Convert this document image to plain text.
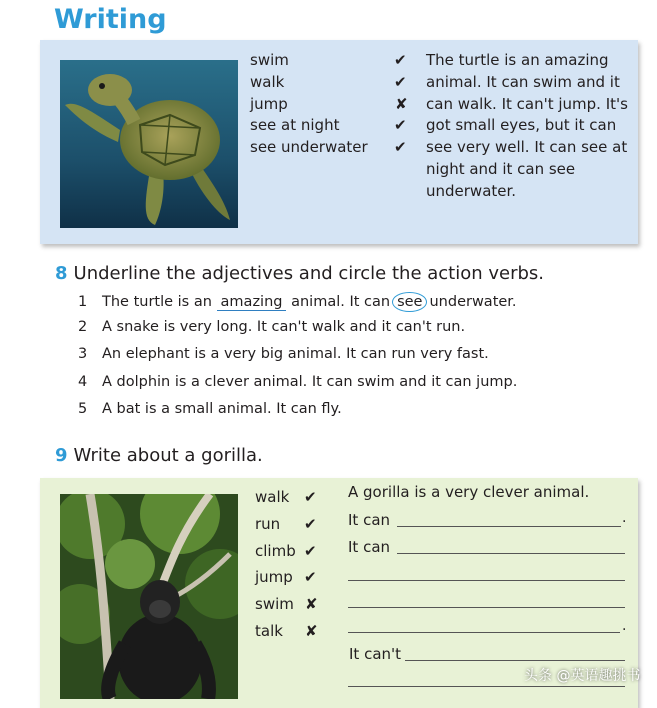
Writing
swim	✔
walk	✔
jump	✘
see at night	✔
see underwater ✔
The turtle is an amazing
animal. It can swim and it
can walk. It can't jump. It's
got small eyes, but it can
see very well. It can see at
night and it can see
underwater.
8 Underline the adjectives and circle the action verbs.
1 The turtle is an amazing animal. It can see underwater.
2 A snake is very long. It can't walk and it can't run.
3 An elephant is a very big animal. It can run very fast.
4 A dolphin is a clever animal. It can swim and it can jump.
5 A bat is a small animal. It can fly.
9 Write about a gorilla.
walk ✔
run ✔
climb ✔
jump ✔
swim ✘
talk ✘
A gorilla is a very clever animal.
It can	.
It can
.
It can't
头条 @英语趣挑书
